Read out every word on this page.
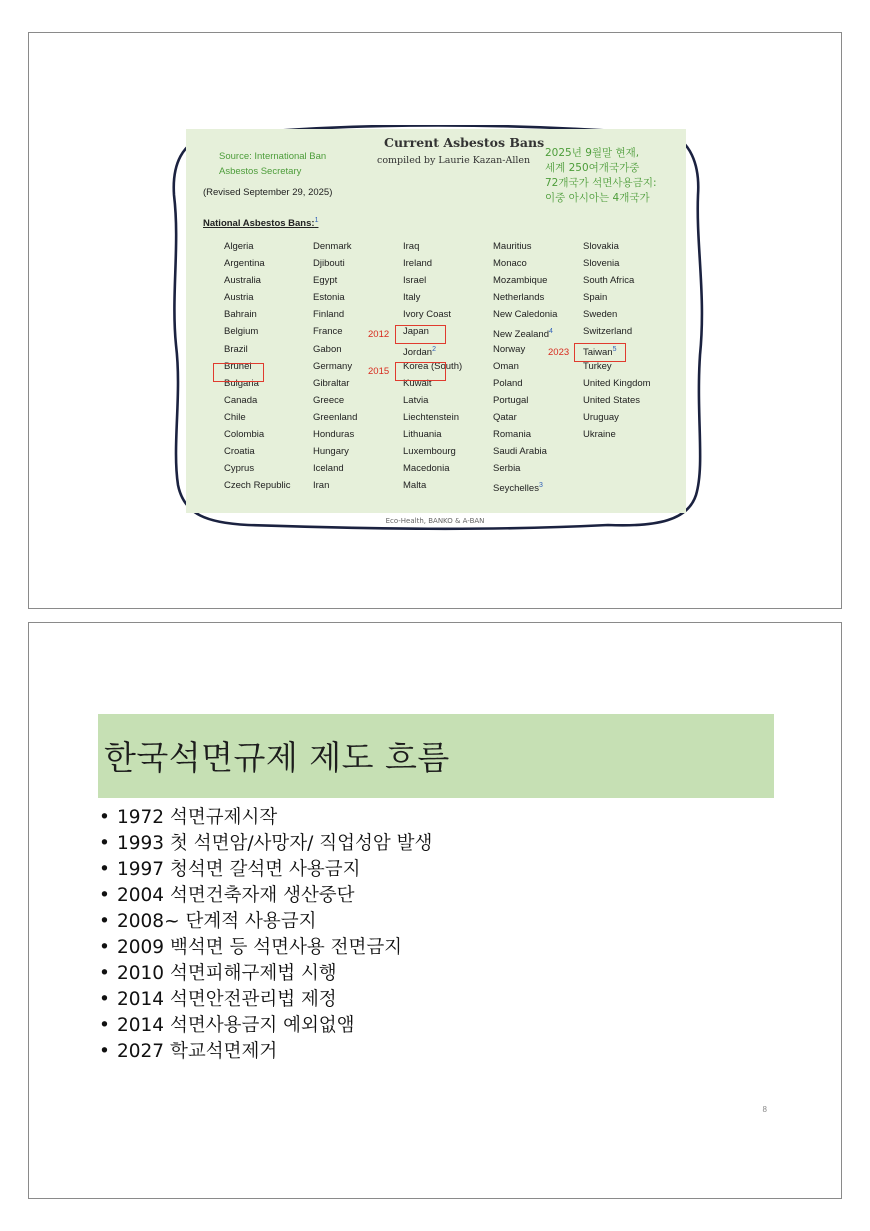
Current Asbestos Bans
compiled by Laurie Kazan-Allen
Source: International Ban
Asbestos Secretary
2025년 9월말 현재,
세계 250여개국가중
72개국가 석면사용금지:
이중 아시아는 4개국가
(Revised September 29, 2025)
National Asbestos Bans:$^1$
Algeria
Argentina
Australia
Austria
Bahrain
Belgium
Brazil
Brunei
Bulgaria
Canada
Chile
Colombia
Croatia
Cyprus
Czech Republic
Denmark
Djibouti
Egypt
Estonia
Finland
France
Gabon
Germany
Gibraltar
Greece
Greenland
Honduras
Hungary
Iceland
Iran
Iraq
Ireland
Israel
Italy
Ivory Coast
Japan
Jordan$^2$
Korea (South)
Kuwait
Latvia
Liechtenstein
Lithuania
Luxembourg
Macedonia
Malta
Mauritius
Monaco
Mozambique
Netherlands
New Caledonia
New Zealand$^4$
Norway
Oman
Poland
Portugal
Qatar
Romania
Saudi Arabia
Serbia
Seychelles$^3$
Slovakia
Slovenia
South Africa
Spain
Sweden
Switzerland
Taiwan$^5$
Turkey
United Kingdom
United States
Uruguay
Ukraine
2012
2015
2023
Eco-Health, BANKO & A-BAN
한국석면규제 제도 흐름
• 1972 석면규제시작
• 1993 첫 석면암/사망자/ 직업성암 발생
• 1997 청석면 갈석면 사용금지
• 2004 석면건축자재 생산중단
• 2008~ 단계적 사용금지
• 2009 백석면 등 석면사용 전면금지
• 2010 석면피해구제법 시행
• 2014 석면안전관리법 제정
• 2014 석면사용금지 예외없앰
• 2027 학교석면제거
8
